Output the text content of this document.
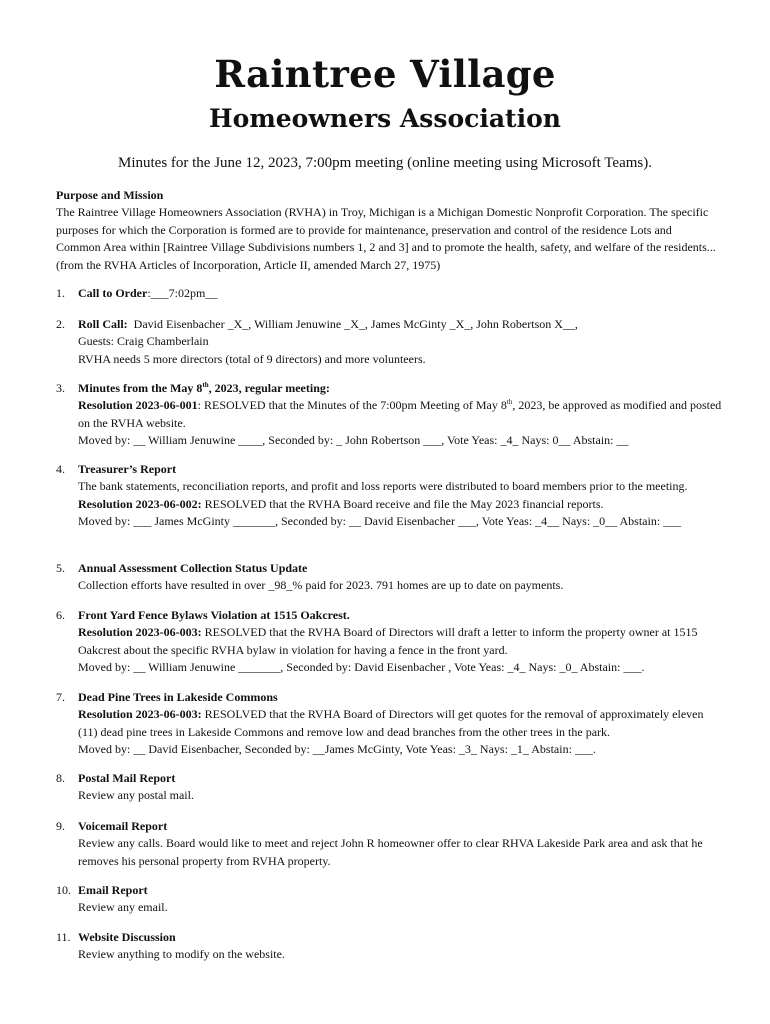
Raintree Village
Homeowners Association
Minutes for the June 12, 2023, 7:00pm meeting (online meeting using Microsoft Teams).

Purpose and Mission

The Raintree Village Homeowners Association (RVHA) in Troy, Michigan is a Michigan Domestic Nonprofit Corporation. The specific purposes for which the Corporation is formed are to provide for maintenance, preservation and control of the residence Lots and Common Area within [Raintree Village Subdivisions numbers 1, 2 and 3] and to promote the health, safety, and welfare of the residents... (from the RVHA Articles of Incorporation, Article II, amended March 27, 1975)

1.	Call to Order:___7:02pm__
2.	Roll Call:  David Eisenbacher _X_, William Jenuwine _X_, James McGinty _X_, John Robertson X__,

Guests: Craig Chamberlain

RVHA needs 5 more directors (total of 9 directors) and more volunteers.

3.	Minutes from the May 8th, 2023, regular meeting:

Resolution 2023-06-001: RESOLVED that the Minutes of the 7:00pm Meeting of May 8th, 2023, be approved as modified and posted on the RVHA website.

Moved by: __ William Jenuwine ____, Seconded by: _ John Robertson ___, Vote Yeas: _4_ Nays: 0__ Abstain: __

4.	Treasurer’s Report

The bank statements, reconciliation reports, and profit and loss reports were distributed to board members prior to the meeting.

Resolution 2023-06-002: RESOLVED that the RVHA Board receive and file the May 2023 financial reports.

Moved by: ___ James McGinty _______, Seconded by: __ David Eisenbacher ___, Vote Yeas: _4__ Nays: _0__ Abstain: ___

5.	Annual Assessment Collection Status Update

Collection efforts have resulted in over _98_% paid for 2023. 791 homes are up to date on payments.

6.	Front Yard Fence Bylaws Violation at 1515 Oakcrest.

Resolution 2023-06-003: RESOLVED that the RVHA Board of Directors will draft a letter to inform the property owner at 1515 Oakcrest about the specific RVHA bylaw in violation for having a fence in the front yard.

Moved by: __ William Jenuwine _______, Seconded by: David Eisenbacher , Vote Yeas: _4_ Nays: _0_ Abstain: ___.

7.	Dead Pine Trees in Lakeside Commons

Resolution 2023-06-003: RESOLVED that the RVHA Board of Directors will get quotes for the removal of approximately eleven (11) dead pine trees in Lakeside Commons and remove low and dead branches from the other trees in the park.

Moved by: __ David Eisenbacher, Seconded by: __James McGinty, Vote Yeas: _3_ Nays: _1_ Abstain: ___.

8.	Postal Mail Report

Review any postal mail.

9.	Voicemail Report

Review any calls. Board would like to meet and reject John R homeowner offer to clear RHVA Lakeside Park area and ask that he removes his personal property from RVHA property.

10. Email Report

Review any email.

11. Website Discussion

Review anything to modify on the website.
